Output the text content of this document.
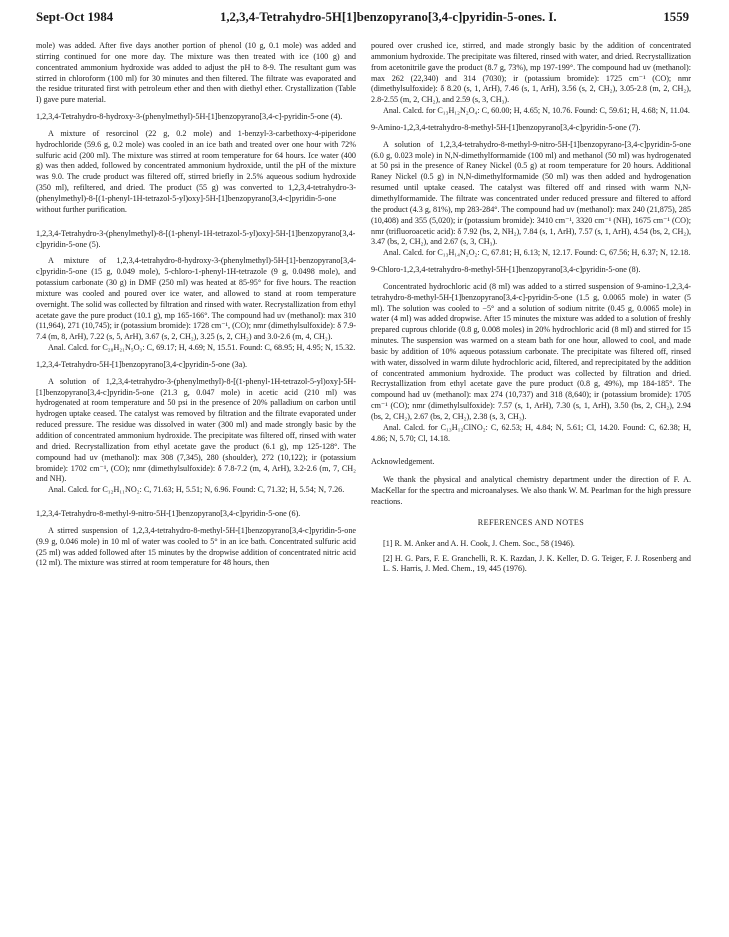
Sept-Oct 1984	1,2,3,4-Tetrahydro-5H[1]benzopyrano[3,4-c]pyridin-5-ones. I.	1559

mole) was added. After five days another portion of phenol (10 g, 0.1 mole) was added and stirring continued for one more day. The mixture was then treated with ice (100 g) and concentrated ammonium hydroxide was added to adjust the pH to 8-9. The resultant gum was stirred in chloroform (100 ml) for 30 minutes and then filtered. The filtrate was evaporated and the residue triturated first with petroleum ether and then with diethyl ether. Crystallization (Table I) gave pure material.

1,2,3,4-Tetrahydro-8-hydroxy-3-(phenylmethyl)-5H-[1]benzopyrano[3,4-c]-pyridin-5-one (4).

A mixture of resorcinol (22 g, 0.2 mole) and 1-benzyl-3-carbethoxy-4-piperidone hydrochloride (59.6 g, 0.2 mole) was cooled in an ice bath and treated over one hour with 72% sulfuric acid (200 ml). The mixture was stirred at room temperature for 64 hours. Ice water (400 g) was then added, followed by concentrated ammonium hydroxide, until the pH of the mixture was 9.0. The crude product was filtered off, stirred briefly in 2.5% aqueous sodium hydroxide (350 ml), refiltered, and dried. The product (55 g) was converted to 1,2,3,4-tetrahydro-3-(phenylmethyl)-8-[(1-phenyl-1H-tetrazol-5-yl)oxy]-5H-[1]benzopyrano[3,4-c]pyridin-5-one without further purification.

1,2,3,4-Tetrahydro-3-(phenylmethyl)-8-[(1-phenyl-1H-tetrazol-5-yl)oxy]-5H-[1]benzopyrano[3,4-c]pyridin-5-one (5).

A mixture of 1,2,3,4-tetrahydro-8-hydroxy-3-(phenylmethyl)-5H-[1]-benzopyrano[3,4-c]pyridin-5-one (15 g, 0.049 mole), 5-chloro-1-phenyl-1H-tetrazole (9 g, 0.0498 mole), and potassium carbonate (30 g) in DMF (250 ml) was heated at 85-95° for five hours. The reaction mixture was cooled and poured over ice water, and allowed to stand at room temperature overnight. The solid was collected by filtration and rinsed with water. Recrystallization from ethyl acetate gave the pure product (10.1 g), mp 165-166°. The compound had uv (methanol): max 310 (11,964), 271 (10,745); ir (potassium bromide): 1728 cm⁻¹, (CO); nmr (dimethylsulfoxide): δ 7.9-7.4 (m, 8, ArH), 7.22 (s, 5, ArH), 3.67 (s, 2, CH₂), 3.25 (s, 2, CH₂) and 3.0-2.6 (m, 4, CH₂).

Anal. Calcd. for C₂₈H₂₁N₅O₃: C, 69.17; H, 4.69; N, 15.51. Found: C, 68.95; H, 4.95; N, 15.32.

1,2,3,4-Tetrahydro-5H-[1]benzopyrano[3,4-c]pyridin-5-one (3a).

A solution of 1,2,3,4-tetrahydro-3-(phenylmethyl)-8-[(1-phenyl-1H-tetrazol-5-yl)oxy]-5H-[1]benzopyrano[3,4-c]pyridin-5-one (21.3 g, 0.047 mole) in acetic acid (210 ml) was hydrogenated at room temperature and 50 psi in the presence of 20% palladium on carbon until hydrogen uptake ceased. The catalyst was removed by filtration and the filtrate evaporated under reduced pressure. The residue was dissolved in water (300 ml) and made strongly basic by the addition of concentrated ammonium hydroxide. The precipitate was filtered off, rinsed with water and dried. Recrystallization from ethyl acetate gave the product (6.1 g), mp 125-128°. The compound had uv (methanol): max 308 (7,345), 280 (shoulder), 272 (10,122); ir (potassium bromide): 1702 cm⁻¹, (CO); nmr (dimethylsulfoxide): δ 7.8-7.2 (m, 4, ArH), 3.2-2.6 (m, 7, CH₂ and NH).

Anal. Calcd. for C₁₂H₁₁NO₂: C, 71.63; H, 5.51; N, 6.96. Found: C, 71.32; H, 5.54; N, 7.26.

1,2,3,4-Tetrahydro-8-methyl-9-nitro-5H-[1]benzopyrano[3,4-c]pyridin-5-one (6).

A stirred suspension of 1,2,3,4-tetrahydro-8-methyl-5H-[1]benzopyrano[3,4-c]pyridin-5-one (9.9 g, 0.046 mole) in 10 ml of water was cooled to 5° in an ice bath. Concentrated sulfuric acid (25 ml) was added followed after 15 minutes by the dropwise addition of concentrated nitric acid (12 ml). The mixture was stirred at room temperature for 48 hours, then

poured over crushed ice, stirred, and made strongly basic by the addition of concentrated ammonium hydroxide. The precipitate was filtered, rinsed with water, and dried. Recrystallization from acetonitrile gave the product (8.7 g, 73%), mp 197-199°. The compound had uv (methanol): max 262 (22,340) and 314 (7030); ir (potassium bromide): 1725 cm⁻¹ (CO); nmr (dimethylsulfoxide): δ 8.20 (s, 1, ArH), 7.46 (s, 1, ArH), 3.56 (s, 2, CH₂), 3.05-2.8 (m, 2, CH₂), 2.8-2.55 (m, 2, CH₂), and 2.59 (s, 3, CH₃).

Anal. Calcd. for C₁₃H₁₂N₂O₄: C, 60.00; H, 4.65; N, 10.76. Found: C, 59.61; H, 4.68; N, 11.04.

9-Amino-1,2,3,4-tetrahydro-8-methyl-5H-[1]benzopyrano[3,4-c]pyridin-5-one (7).

A solution of 1,2,3,4-tetrahydro-8-methyl-9-nitro-5H-[1]benzopyrano-[3,4-c]pyridin-5-one (6.0 g, 0.023 mole) in N,N-dimethylformamide (100 ml) and methanol (50 ml) was hydrogenated at 50 psi in the presence of Raney Nickel (0.5 g) at room temperature for 20 hours. Additional Raney Nickel (0.5 g) in N,N-dimethylformamide (50 ml) was then added and hydrogenation resumed until uptake ceased. The catalyst was filtered off and rinsed with warm N,N-dimethylformamide. The filtrate was concentrated under reduced pressure and filtered to afford the product (4.3 g, 81%), mp 283-284°. The compound had uv (methanol): max 240 (21,875), 285 (10,408) and 355 (5,020); ir (potassium bromide): 3410 cm⁻¹, 3320 cm⁻¹ (NH), 1675 cm⁻¹ (CO); nmr (trifluoroacetic acid): δ 7.92 (bs, 2, NH₂), 7.84 (s, 1, ArH), 7.57 (s, 1, ArH), 4.54 (bs, 2, CH₂), 3.47 (bs, 2, CH₂), and 2.67 (s, 3, CH₃).

Anal. Calcd. for C₁₃H₁₄N₂O₂: C, 67.81; H, 6.13; N, 12.17. Found: C, 67.56; H, 6.37; N, 12.18.

9-Chloro-1,2,3,4-tetrahydro-8-methyl-5H-[1]benzopyrano[3,4-c]pyridin-5-one (8).

Concentrated hydrochloric acid (8 ml) was added to a stirred suspension of 9-amino-1,2,3,4-tetrahydro-8-methyl-5H-[1]benzopyrano[3,4-c]-pyridin-5-one (1.5 g, 0.0065 mole) in water (5 ml). The solution was cooled to −5° and a solution of sodium nitrite (0.45 g, 0.0065 mole) in water (4 ml) was added dropwise. After 15 minutes the mixture was added to a solution of freshly prepared cuprous chloride (0.8 g, 0.008 moles) in 20% hydrochloric acid (8 ml) and stirred for 15 minutes. The suspension was warmed on a steam bath for one hour, allowed to cool, and made basic by addition of 10% aqueous potassium carbonate. The precipitate was filtered off, rinsed with water, dissolved in warm dilute hydrochloric acid, filtered, and reprecipitated by the addition of concentrated ammonium hydroxide. The product was collected by filtration and dried. Recrystallization from ethyl acetate gave the pure product (0.8 g, 49%), mp 184-185°. The compound had uv (methanol): max 274 (10,737) and 318 (8,640); ir (potassium bromide): 1705 cm⁻¹ (CO); nmr (dimethylsulfoxide): 7.57 (s, 1, ArH), 7.30 (s, 1, ArH), 3.50 (bs, 2, CH₂), 2.94 (bs, 2, CH₂), 2.67 (bs, 2, CH₂), 2.38 (s, 3, CH₃).

Anal. Calcd. for C₁₃H₁₂ClNO₂: C, 62.53; H, 4.84; N, 5.61; Cl, 14.20. Found: C, 62.38; H, 4.86; N, 5.70; Cl, 14.18.

Acknowledgement.

We thank the physical and analytical chemistry department under the direction of F. A. MacKellar for the spectra and microanalyses. We also thank W. M. Pearlman for the high pressure reactions.

REFERENCES AND NOTES

[1] R. M. Anker and A. H. Cook, J. Chem. Soc., 58 (1946).

[2] H. G. Pars, F. E. Granchelli, R. K. Razdan, J. K. Keller, D. G. Teiger, F. J. Rosenberg and L. S. Harris, J. Med. Chem., 19, 445 (1976).
